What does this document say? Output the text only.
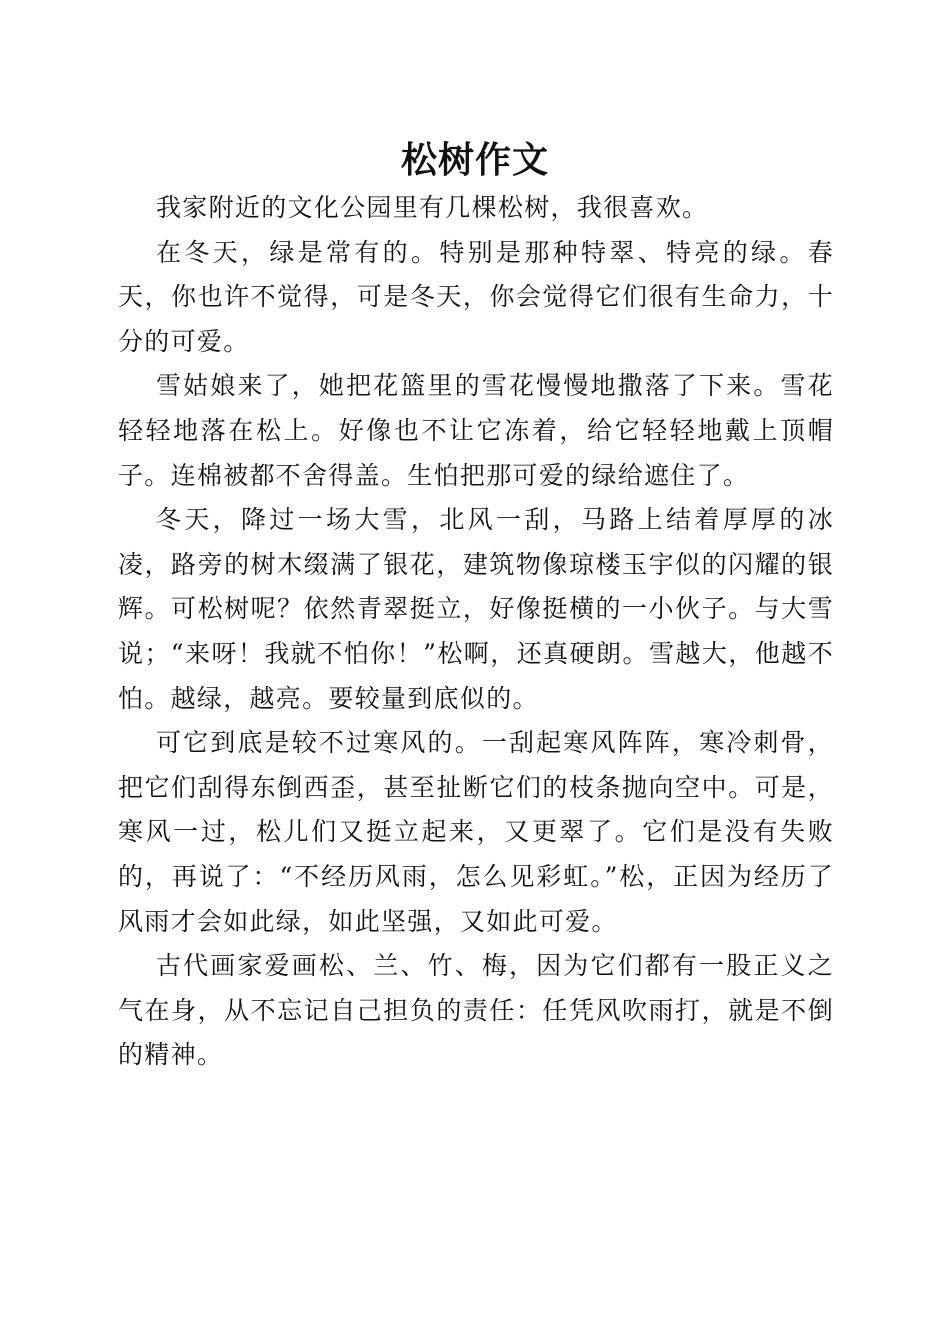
松树作文

我家附近的文化公园里有几棵松树，我很喜欢。

在冬天，绿是常有的。特别是那种特翠、特亮的绿。春天，你也许不觉得，可是冬天，你会觉得它们很有生命力，十分的可爱。

雪姑娘来了，她把花篮里的雪花慢慢地撒落了下来。雪花轻轻地落在松上。好像也不让它冻着，给它轻轻地戴上顶帽子。连棉被都不舍得盖。生怕把那可爱的绿给遮住了。

冬天，降过一场大雪，北风一刮，马路上结着厚厚的冰凌，路旁的树木缀满了银花，建筑物像琼楼玉宇似的闪耀的银辉。可松树呢？依然青翠挺立，好像挺横的一小伙子。与大雪说；“来呀！我就不怕你！”松啊，还真硬朗。雪越大，他越不怕。越绿，越亮。要较量到底似的。

可它到底是较不过寒风的。一刮起寒风阵阵，寒冷刺骨，把它们刮得东倒西歪，甚至扯断它们的枝条抛向空中。可是，寒风一过，松儿们又挺立起来，又更翠了。它们是没有失败的，再说了：“不经历风雨，怎么见彩虹。”松，正因为经历了风雨才会如此绿，如此坚强，又如此可爱。

古代画家爱画松、兰、竹、梅，因为它们都有一股正义之气在身，从不忘记自己担负的责任：任凭风吹雨打，就是不倒的精神。
